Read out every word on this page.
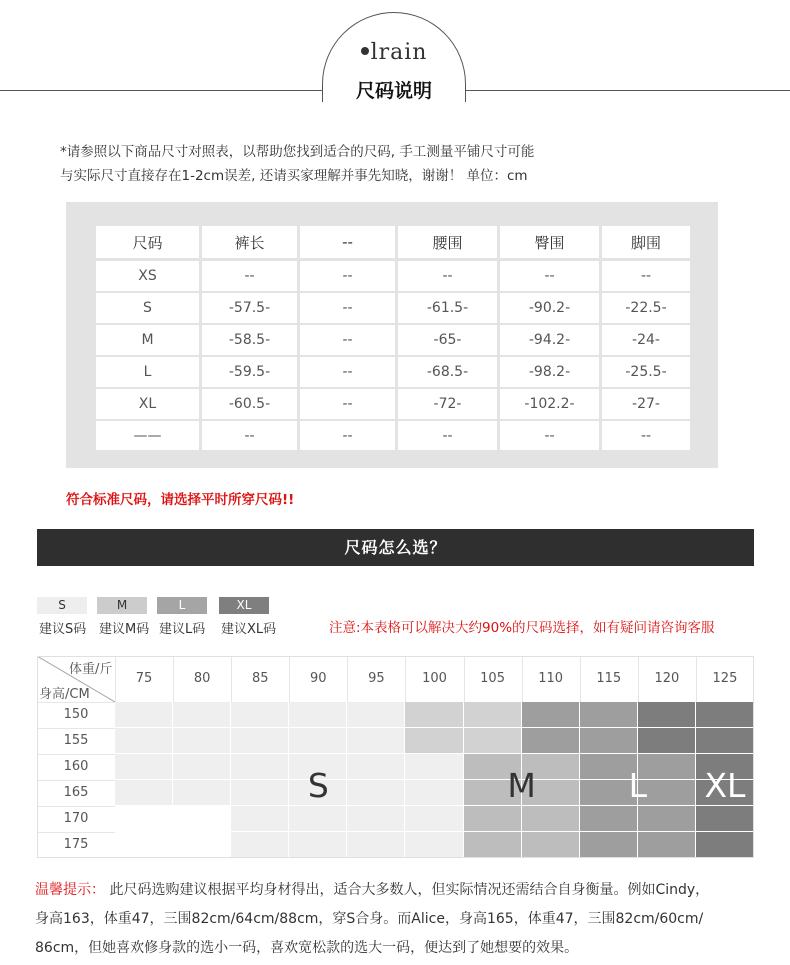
lrain
尺码说明
*请参照以下商品尺寸对照表，以帮助您找到适合的尺码, 手工测量平铺尺寸可能
与实际尺寸直接存在1-2cm误差, 还请买家理解并事先知晓，谢谢！ 单位：cm
尺码	裤长	--	腰围	臀围	脚围
XS	--	--	--	--	--
S	-57.5-	--	-61.5-	-90.2-	-22.5-
M	-58.5-	--	-65-	-94.2-	-24-
L	-59.5-	--	-68.5-	-98.2-	-25.5-
XL	-60.5-	--	-72-	-102.2-	-27-
——	--	--	--	--	--
符合标准尺码，请选择平时所穿尺码!!
尺码怎么选？
S
建议S码
M
建议M码
L
建议L码
XL
建议XL码	注意:本表格可以解决大约90%的尺码选择，如有疑问请咨询客服
体重/斤
身高/CM
75	80	85	90	95	100	105	110	115	120	125
150
155
160
165
170
175
S	M	L	XL
温馨提示： 此尺码选购建议根据平均身材得出，适合大多数人，但实际情况还需结合自身衡量。例如Cindy，
身高163，体重47，三围82cm/64cm/88cm，穿S合身。而Alice，身高165，体重47，三围82cm/60cm/
86cm，但她喜欢修身款的选小一码，喜欢宽松款的选大一码，便达到了她想要的效果。
